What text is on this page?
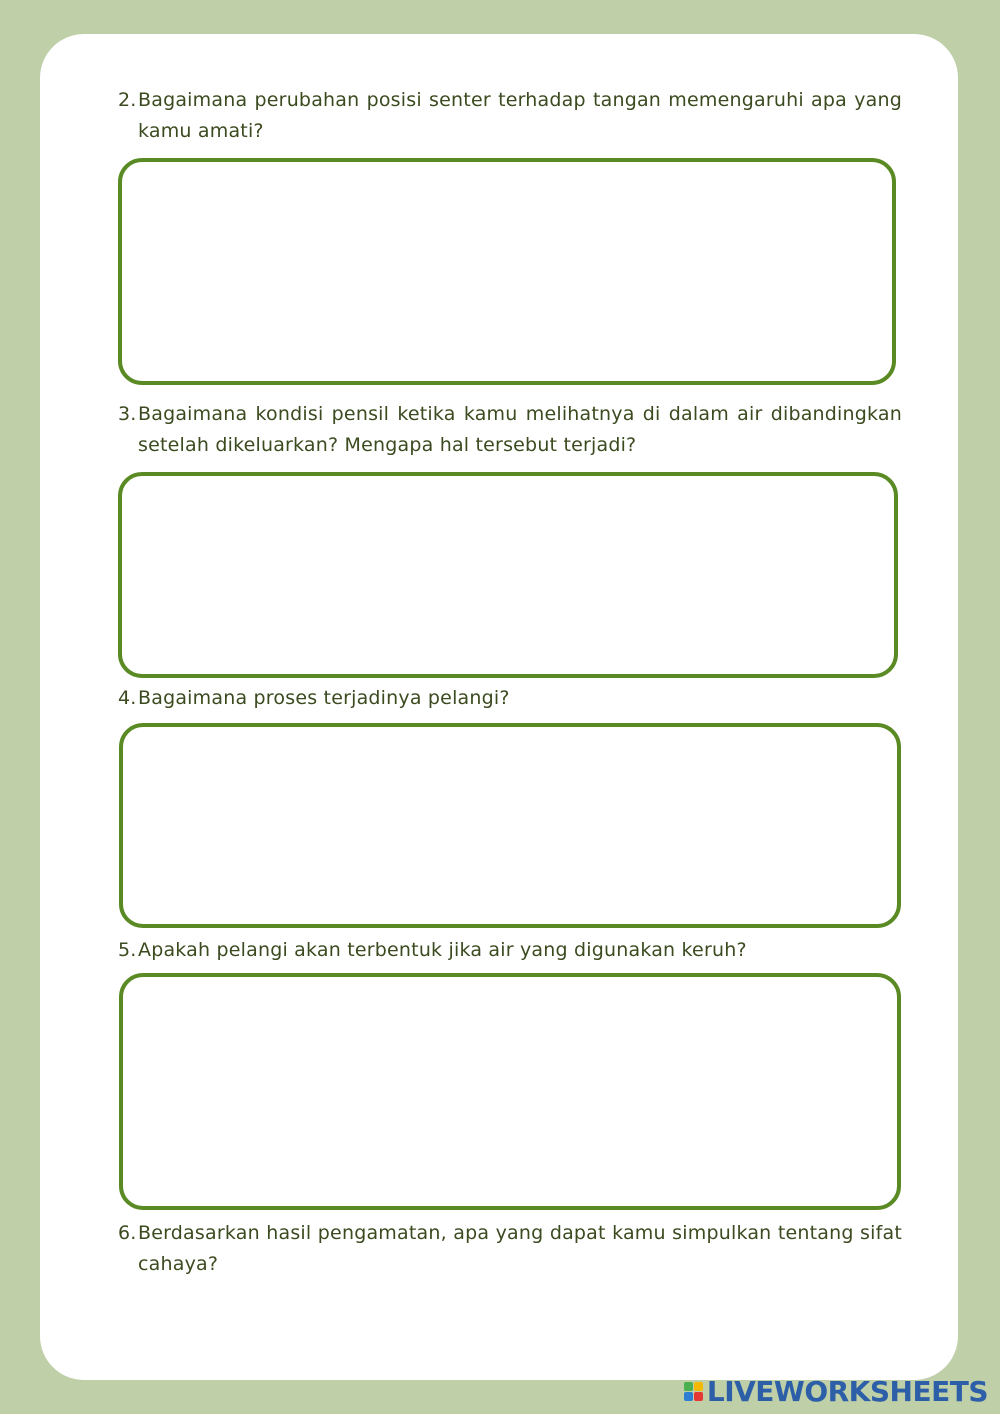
2. Bagaimana perubahan posisi senter terhadap tangan memengaruhi apa yang kamu amati?
3. Bagaimana kondisi pensil ketika kamu melihatnya di dalam air dibandingkan setelah dikeluarkan? Mengapa hal tersebut terjadi?
4. Bagaimana proses terjadinya pelangi?
5. Apakah pelangi akan terbentuk jika air yang digunakan keruh?
6. Berdasarkan hasil pengamatan, apa yang dapat kamu simpulkan tentang sifat cahaya?
LIVEWORKSHEETS
